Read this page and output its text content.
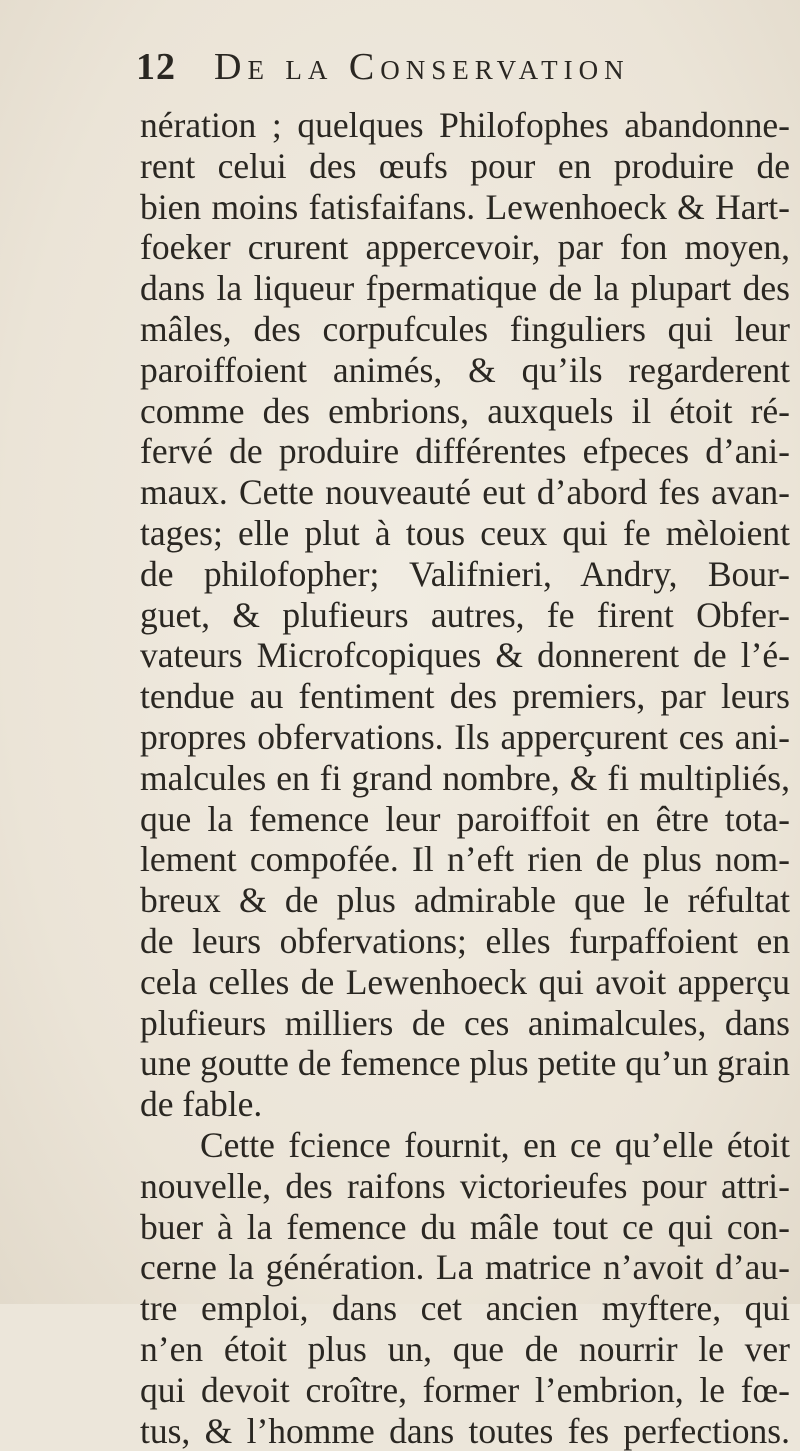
12 De la Conservation
nération ; quelques Philofophes abandonne-
rent celui des œufs pour en produire de
bien moins fatisfaifans. Lewenhoeck & Hart-
foeker crurent appercevoir, par fon moyen,
dans la liqueur fpermatique de la plupart des
mâles, des corpufcules finguliers qui leur
paroiffoient animés, & qu’ils regarderent
comme des embrions, auxquels il étoit ré-
fervé de produire différentes efpeces d’ani-
maux. Cette nouveauté eut d’abord fes avan-
tages; elle plut à tous ceux qui fe mèloient
de philofopher; Valifnieri, Andry, Bour-
guet, & plufieurs autres, fe firent Obfer-
vateurs Microfcopiques & donnerent de l’é-
tendue au fentiment des premiers, par leurs
propres obfervations. Ils apperçurent ces ani-
malcules en fi grand nombre, & fi multipliés,
que la femence leur paroiffoit en être tota-
lement compofée. Il n’eft rien de plus nom-
breux & de plus admirable que le réfultat
de leurs obfervations; elles furpaffoient en
cela celles de Lewenhoeck qui avoit apperçu
plufieurs milliers de ces animalcules, dans
une goutte de femence plus petite qu’un grain
de fable.
Cette fcience fournit, en ce qu’elle étoit
nouvelle, des raifons victorieufes pour attri-
buer à la femence du mâle tout ce qui con-
cerne la génération. La matrice n’avoit d’au-
tre emploi, dans cet ancien myftere, qui
n’en étoit plus un, que de nourrir le ver
qui devoit croître, former l’embrion, le fœ-
tus, & l’homme dans toutes fes perfections.
